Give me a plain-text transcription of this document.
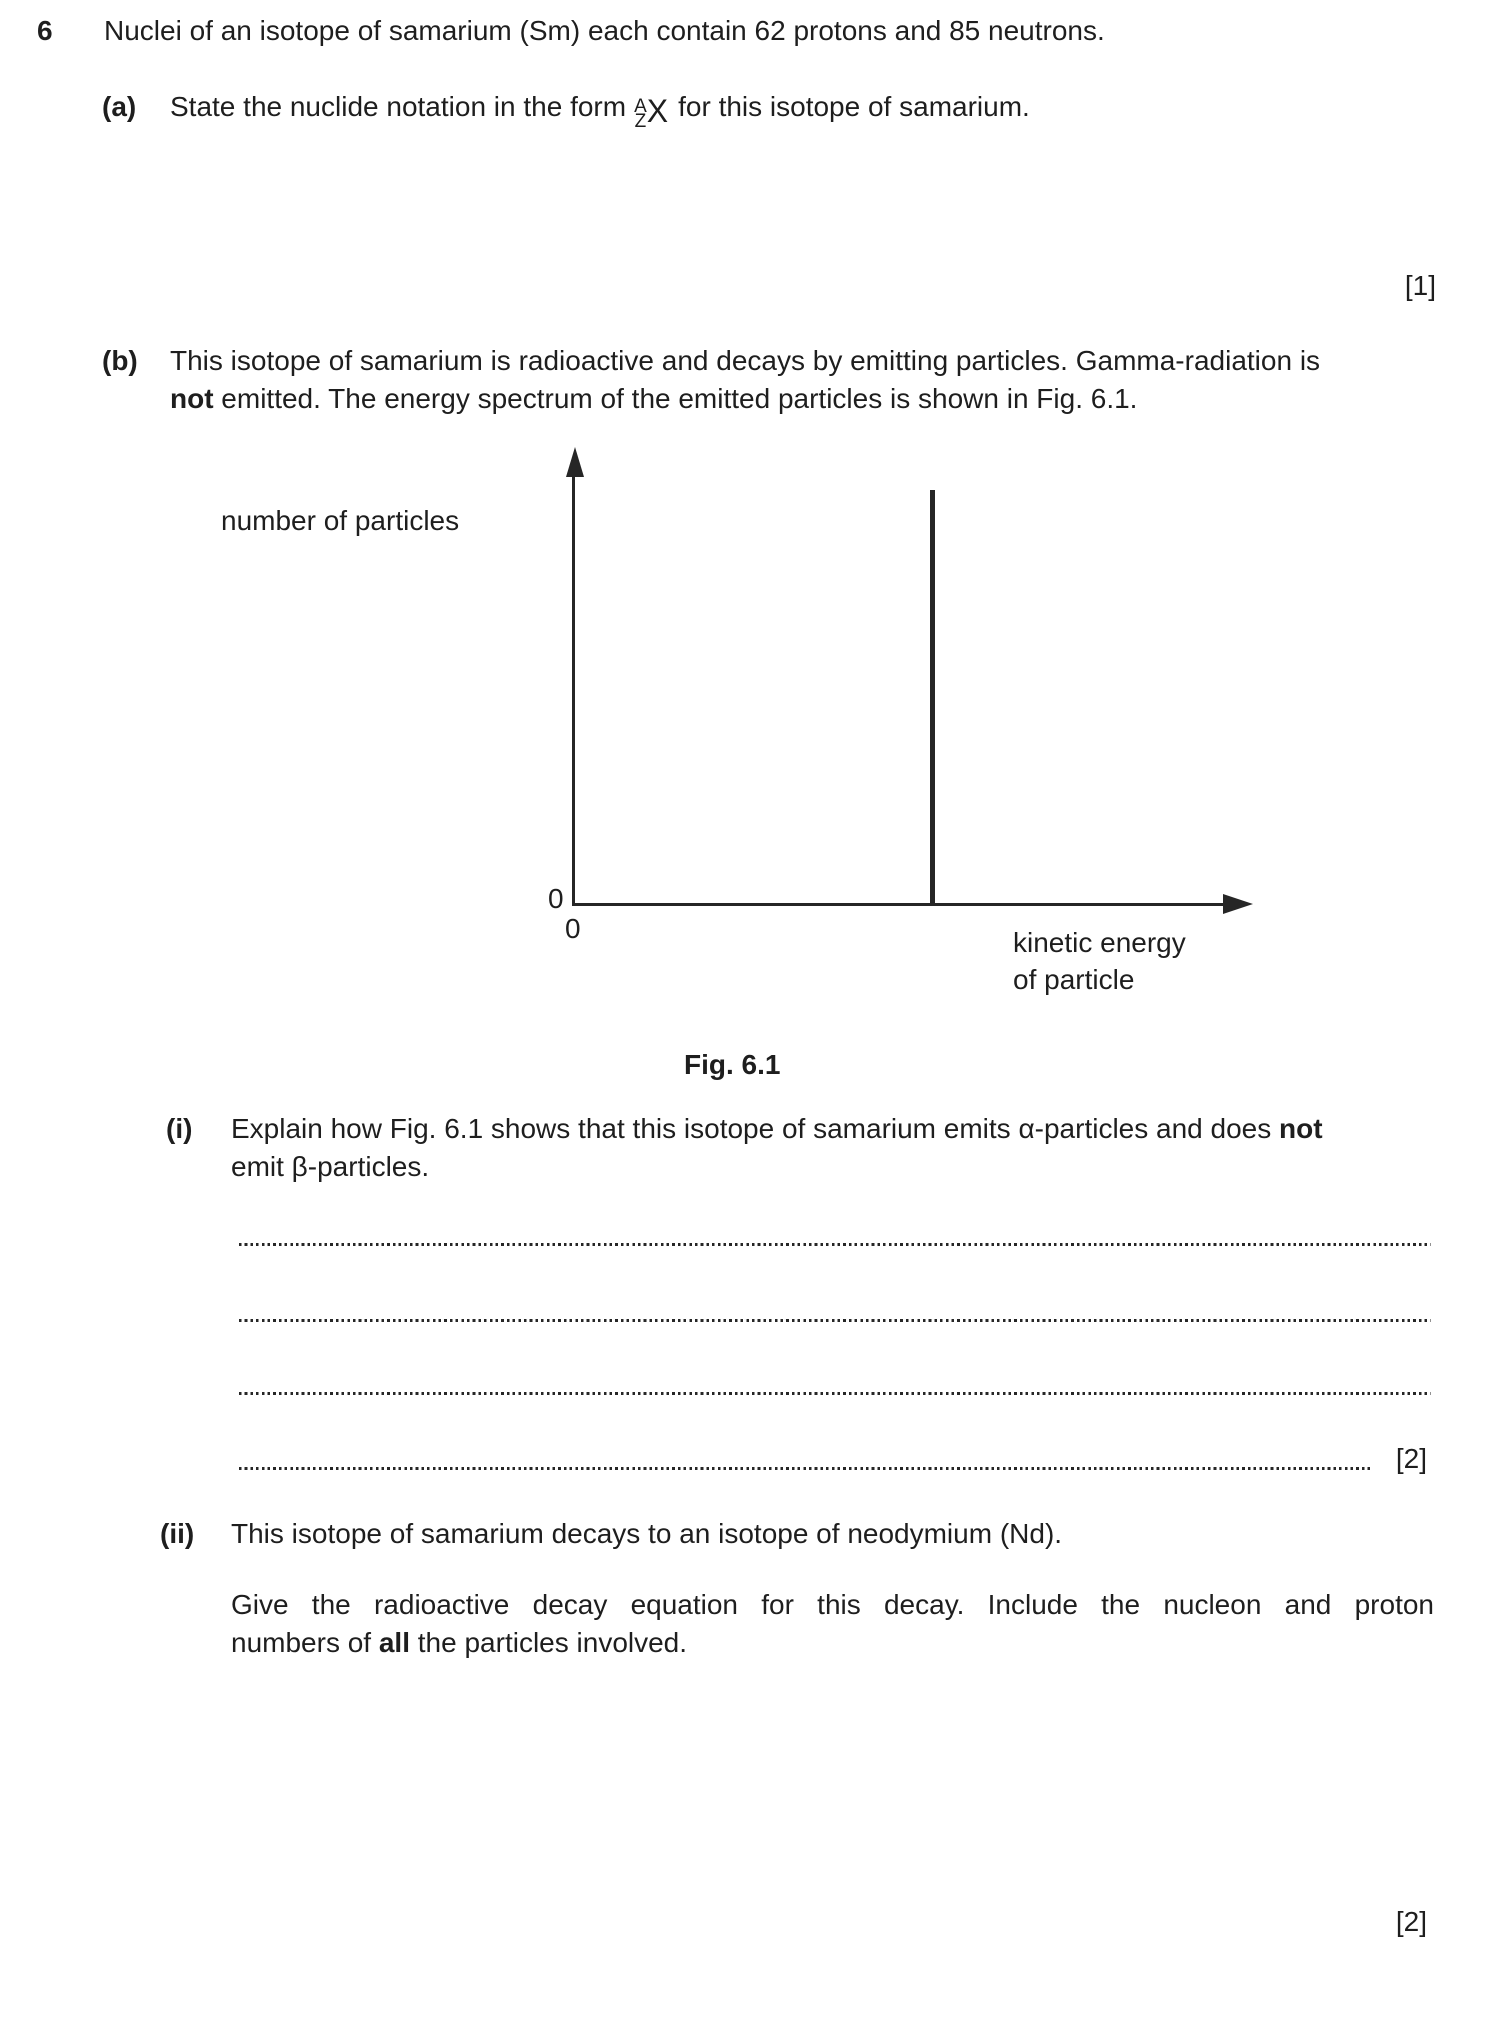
6 Nuclei of an isotope of samarium (Sm) each contain 62 protons and 85 neutrons.
(a) State the nuclide notation in the form A
Z X for this isotope of samarium.
[1]
(b) This isotope of samarium is radioactive and decays by emitting particles. Gamma-radiation is
not emitted. The energy spectrum of the emitted particles is shown in Fig. 6.1.
number of particles
0
0	kinetic energy
of particle
Fig. 6.1
(i) Explain how Fig. 6.1 shows that this isotope of samarium emits α-particles and does not
emit β-particles.
[2]
(ii) This isotope of samarium decays to an isotope of neodymium (Nd).
Give the radioactive decay equation for this decay. Include the nucleon and proton
numbers of all the particles involved.
[2]
